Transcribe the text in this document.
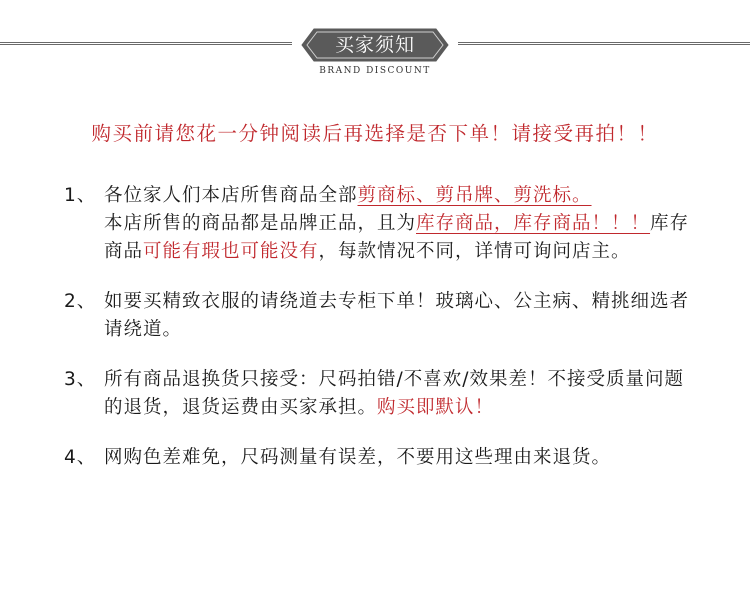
买家须知
BRAND DISCOUNT
购买前请您花一分钟阅读后再选择是否下单！请接受再拍！！
1、 各位家人们本店所售商品全部剪商标、剪吊牌、剪洗标。
本店所售的商品都是品牌正品，且为库存商品，库存商品！！！库存商品可能有瑕也可能没有，每款情况不同，详情可询问店主。
2、 如要买精致衣服的请绕道去专柜下单！玻璃心、公主病、精挑细选者请绕道。
3、 所有商品退换货只接受：尺码拍错/不喜欢/效果差！不接受质量问题的退货，退货运费由买家承担。购买即默认！
4、 网购色差难免，尺码测量有误差，不要用这些理由来退货。
